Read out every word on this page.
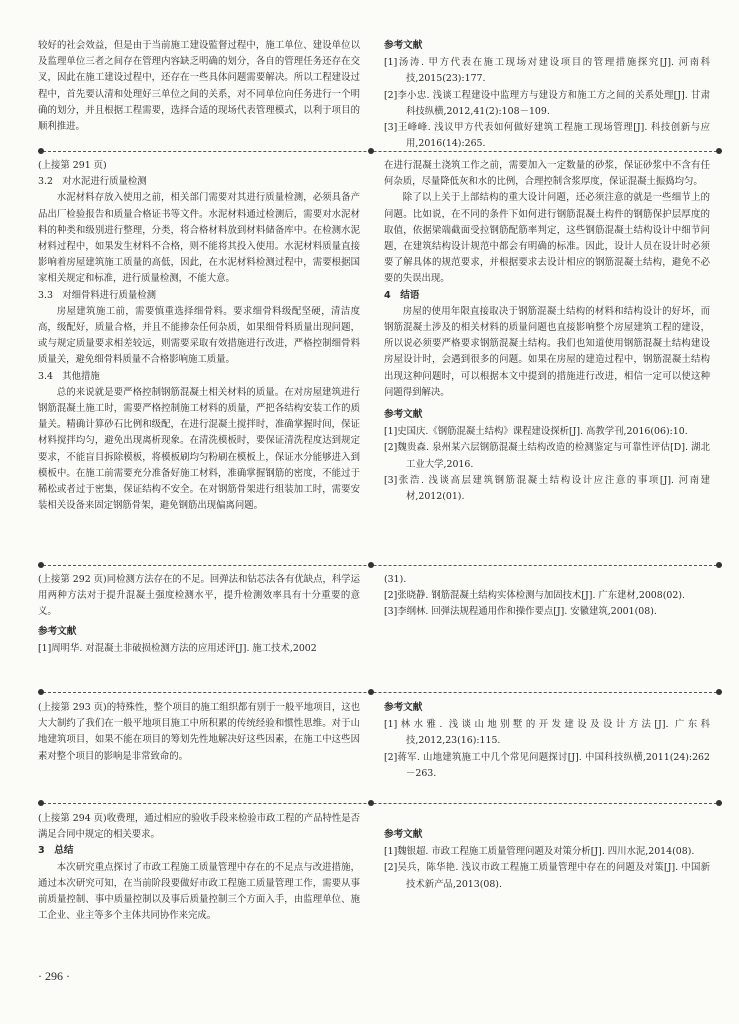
较好的社会效益，但是由于当前施工建设監督过程中，施工单位、建设单位以及监理单位三者之间存在管理内容缺乏明确的划分，各自的管理任务还存在交叉，因此在施工建设过程中，还存在一些具体问题需要解决。所以工程建设过程中，首先要认清和处理好三单位之间的关系，对不同单位向任务进行一个明确的划分，并且根据工程需要，选择合适的现场代表管理模式，以利于项目的顺利推进。

参考文献
[1]汤涛. 甲方代表在施工现场对建设项目的管理措施探究[J]. 河南科技,2015(23):177.
[2]李小忠. 浅谈工程建设中监理方与建设方和施工方之间的关系处理[J]. 甘肃科技纵横,2012,41(2):108－109.
[3]王峰峰. 浅议甲方代表如何做好建筑工程施工现场管理[J]. 科技创新与应用,2016(14):265.

(上接第 291 页)

3.2　对水泥进行质量检测

水泥材料存放入使用之前，相关部门需要对其进行质量检测，必须具备产品出厂检验报告和质量合格证书等文件。水泥材料通过检测后，需要对水泥材料的种类和级别进行整理，分类，将合格材料放到材料储备库中。在检测水泥材料过程中，如果发生材料不合格，则不能将其投入使用。水泥材料质量直接影响着房屋建筑施工质量的高低，因此，在水泥材料检测过程中，需要根据国家相关规定和标准，进行质量检测，不能大意。

3.3　对细骨料进行质量检测

房屋建筑施工前，需要慎重选择细骨料。要求细骨料级配坚硬，清洁度高，级配好，质量合格，并且不能掺杂任何杂质，如果细骨料质量出现问题，或与规定质量要求相差较远，则需要采取有效措施进行改进，严格控制细骨料质量关，避免细骨料质量不合格影响施工质量。

3.4　其他措施

总的来说就是要严格控制钢筋混凝土相关材料的质量。在对房屋建筑进行钢筋混凝土施工时，需要严格控制施工材料的质量，严把各结构安装工作的质量关。精确计算砂石比例和级配，在进行混凝土搅拌时，准确掌握时间，保证材料搅拌均匀，避免出现离析现象。在清洗模板时，要保证清洗程度达到规定要求，不能盲目拆除模板，将模板刷均匀粉刷在模板上，保证水分能够进入到模板中。在施工前需要充分准备好施工材料，准确掌握钢筋的密度，不能过于稀松或者过于密集，保证结构不安全。在对钢筋骨架进行组装加工时，需要安装相关设备来固定钢筋骨架，避免钢筋出现偏离问题。

在进行混凝土浇筑工作之前，需要加入一定数量的砂浆，保证砂浆中不含有任何杂质，尽量降低灰和水的比例，合理控制含浆厚度，保证混凝土振捣均匀。

除了以上关于上部结构的重大设计问题，还必须注意的就是一些细节上的问题。比如说，在不同的条件下如何进行钢筋混凝土构件的钢筋保护层厚度的取值，依据梁端截面受拉钢筋配筋率判定，这些钢筋混凝土结构设计中细节问题，在建筑结构设计规范中都会有明确的标准。因此，设计人员在设计时必须要了解具体的规范要求，并根据要求去设计相应的钢筋混凝土结构，避免不必要的失误出现。

4　结语

房屋的使用年限直接取决于钢筋混凝土结构的材料和结构设计的好坏，而钢筋混凝土涉及的相关材料的质量问题也直接影响整个房屋建筑工程的建设，所以说必须要严格要求钢筋混凝土结构。我们也知道使用钢筋混凝土结构建设房屋设计时，会遇到很多的问题。如果在房屋的建造过程中，钢筋混凝土结构出现这种问题时，可以根据本文中提到的措施进行改进，相信一定可以使这种问题得到解决。

参考文献
[1]史国庆.《钢筋混凝土结构》课程建设探析[J]. 高教学刊,2016(06):10.
[2]魏贵森. 泉州某六层钢筋混凝土结构改造的检测鉴定与可靠性评估[D]. 湖北工业大学,2016.
[3]张浩. 浅谈高层建筑钢筋混凝土结构设计应注意的事项[J]. 河南建材,2012(01).

(上接第 292 页)同检测方法存在的不足。回弹法和钻芯法各有优缺点，科学运用两种方法对于提升混凝土强度检测水平，提升检测效率具有十分重要的意义。

参考文献
[1]周明华. 对混凝土非破损检测方法的应用述评[J]. 施工技术,2002
(31).
[2]张晓静. 钢筋混凝土结构实体检测与加固技术[J]. 广东建材,2008(02).
[3]李纲林. 回弹法规程通用作和操作要点[J]. 安徽建筑,2001(08).

(上接第 293 页)的特殊性，整个项目的施工组织都有别于一般平地项目，这也大大制约了我们在一般平地项目施工中所积累的传统经验和惯性思维。对于山地建筑项目，如果不能在项目的筹划先性地解决好这些因素，在施工中这些因素对整个项目的影响是非常致命的。

参考文献
[1]林水雅. 浅谈山地别墅的开发建设及设计方法[J]. 广东科技,2012,23(16):115.
[2]蒋军. 山地建筑施工中几个常见问题探讨[J]. 中国科技纵横,2011(24):262－263.

(上接第 294 页)收费理，通过相应的验收手段来检验市政工程的产品特性是否满足合同中规定的相关要求。

3　总结

本次研究重点探讨了市政工程施工质量管理中存在的不足点与改进措施，通过本次研究可知，在当前阶段要做好市政工程施工质量管理工作，需要从事前质量控制、事中质量控制以及事后质量控制三个方面入手，由监理单位、施工企业、业主等多个主体共同协作来完成。

参考文献
[1]魏银超. 市政工程施工质量管理问题及对策分析[J]. 四川水泥,2014(08).
[2]吴兵，陈华艳. 浅议市政工程施工质量管理中存在的问题及对策[J]. 中国新技术新产品,2013(08).
· 296 ·
